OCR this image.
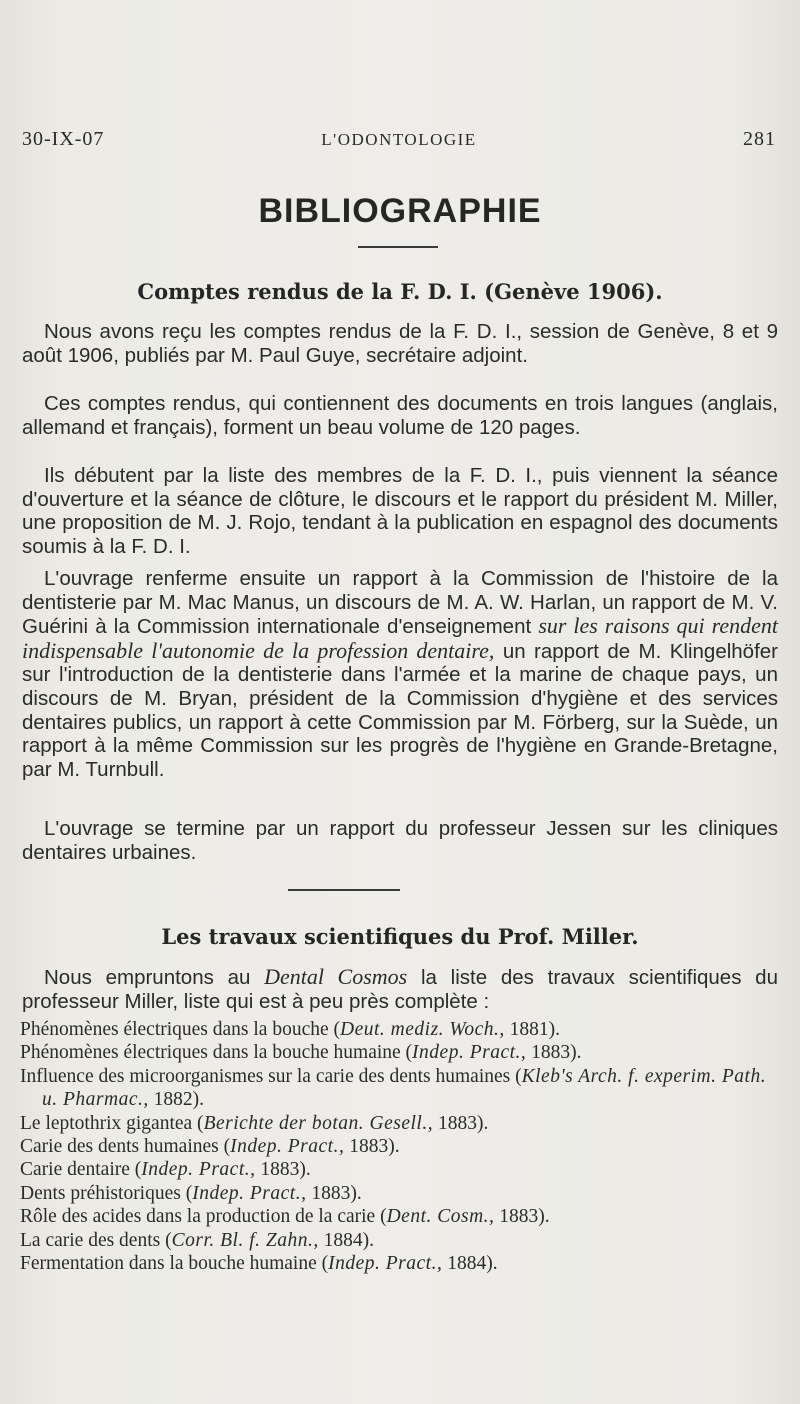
30-IX-07	L'ODONTOLOGIE	281
BIBLIOGRAPHIE
Comptes rendus de la F. D. I. (Genève 1906).

Nous avons reçu les comptes rendus de la F. D. I., session de Genève, 8 et 9 août 1906, publiés par M. Paul Guye, secrétaire adjoint.

Ces comptes rendus, qui contiennent des documents en trois langues (anglais, allemand et français), forment un beau volume de 120 pages.

Ils débutent par la liste des membres de la F. D. I., puis viennent la séance d'ouverture et la séance de clôture, le discours et le rapport du président M. Miller, une proposition de M. J. Rojo, tendant à la publication en espagnol des documents soumis à la F. D. I.

L'ouvrage renferme ensuite un rapport à la Commission de l'histoire de la dentisterie par M. Mac Manus, un discours de M. A. W. Harlan, un rapport de M. V. Guérini à la Commission internationale d'enseignement sur les raisons qui rendent indispensable l'autonomie de la profession dentaire, un rapport de M. Klingelhöfer sur l'introduction de la dentisterie dans l'armée et la marine de chaque pays, un discours de M. Bryan, président de la Commission d'hygiène et des services dentaires publics, un rapport à cette Commission par M. Förberg, sur la Suède, un rapport à la même Commission sur les progrès de l'hygiène en Grande-Bretagne, par M. Turnbull.

L'ouvrage se termine par un rapport du professeur Jessen sur les cliniques dentaires urbaines.

Les travaux scientifiques du Prof. Miller.

Nous empruntons au Dental Cosmos la liste des travaux scientifiques du professeur Miller, liste qui est à peu près complète :

Phénomènes électriques dans la bouche (Deut. mediz. Woch., 1881).

Phénomènes électriques dans la bouche humaine (Indep. Pract., 1883).

Influence des microorganismes sur la carie des dents humaines (Kleb's Arch. f. experim. Path. u. Pharmac., 1882).

Le leptothrix gigantea (Berichte der botan. Gesell., 1883).

Carie des dents humaines (Indep. Pract., 1883).

Carie dentaire (Indep. Pract., 1883).

Dents préhistoriques (Indep. Pract., 1883).

Rôle des acides dans la production de la carie (Dent. Cosm., 1883).

La carie des dents (Corr. Bl. f. Zahn., 1884).

Fermentation dans la bouche humaine (Indep. Pract., 1884).
